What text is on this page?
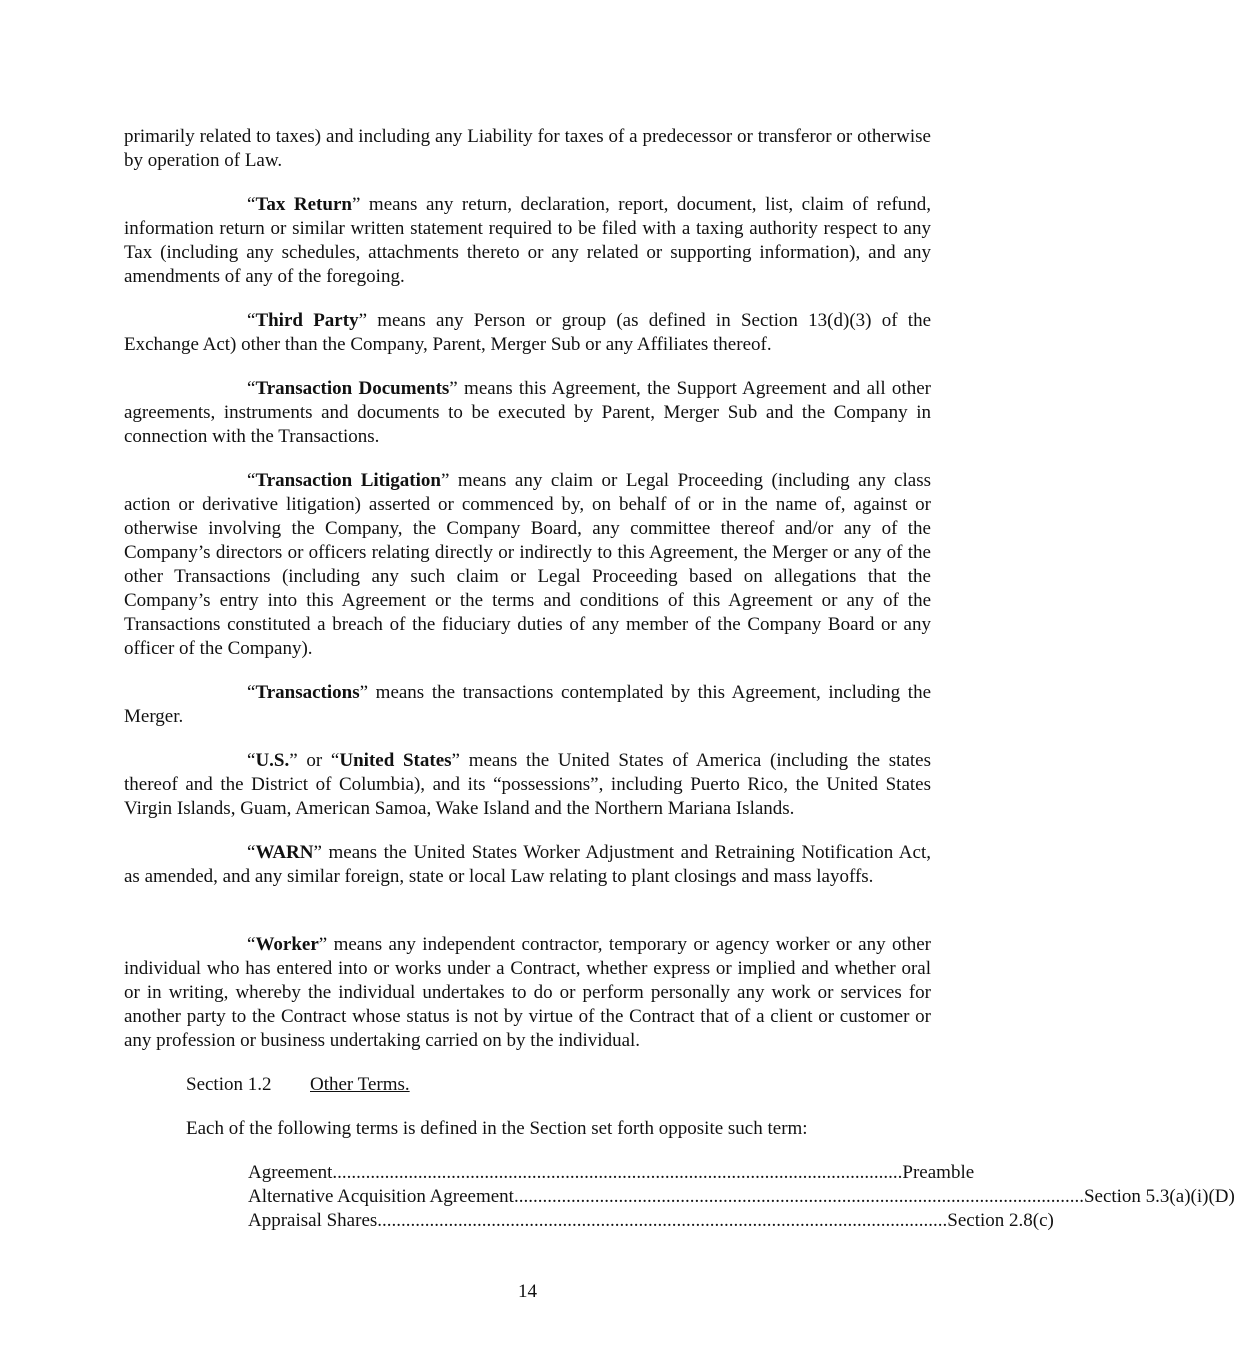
primarily related to taxes) and including any Liability for taxes of a predecessor or transferor or otherwise by operation of Law.

“Tax Return” means any return, declaration, report, document, list, claim of refund, information return or similar written statement required to be filed with a taxing authority respect to any Tax (including any schedules, attachments thereto or any related or supporting information), and any amendments of any of the foregoing.

“Third Party” means any Person or group (as defined in Section 13(d)(3) of the Exchange Act) other than the Company, Parent, Merger Sub or any Affiliates thereof.

“Transaction Documents” means this Agreement, the Support Agreement and all other agreements, instruments and documents to be executed by Parent, Merger Sub and the Company in connection with the Transactions.

“Transaction Litigation” means any claim or Legal Proceeding (including any class action or derivative litigation) asserted or commenced by, on behalf of or in the name of, against or otherwise involving the Company, the Company Board, any committee thereof and/or any of the Company’s directors or officers relating directly or indirectly to this Agreement, the Merger or any of the other Transactions (including any such claim or Legal Proceeding based on allegations that the Company’s entry into this Agreement or the terms and conditions of this Agreement or any of the Transactions constituted a breach of the fiduciary duties of any member of the Company Board or any officer of the Company).

“Transactions” means the transactions contemplated by this Agreement, including the Merger.

“U.S.” or “United States” means the United States of America (including the states thereof and the District of Columbia), and its “possessions”, including Puerto Rico, the United States Virgin Islands, Guam, American Samoa, Wake Island and the Northern Mariana Islands.

“WARN” means the United States Worker Adjustment and Retraining Notification Act, as amended, and any similar foreign, state or local Law relating to plant closings and mass layoffs.

“Worker” means any independent contractor, temporary or agency worker or any other individual who has entered into or works under a Contract, whether express or implied and whether oral or in writing, whereby the individual undertakes to do or perform personally any work or services for another party to the Contract whose status is not by virtue of the Contract that of a client or customer or any profession or business undertaking carried on by the individual.

Section 1.2 Other Terms.

Each of the following terms is defined in the Section set forth opposite such term:

Agreement ........................................................................................................................ Preamble
Alternative Acquisition Agreement ........................................................................................................................ Section 5.3(a)(i)(D)
Appraisal Shares ........................................................................................................................ Section 2.8(c)

14
